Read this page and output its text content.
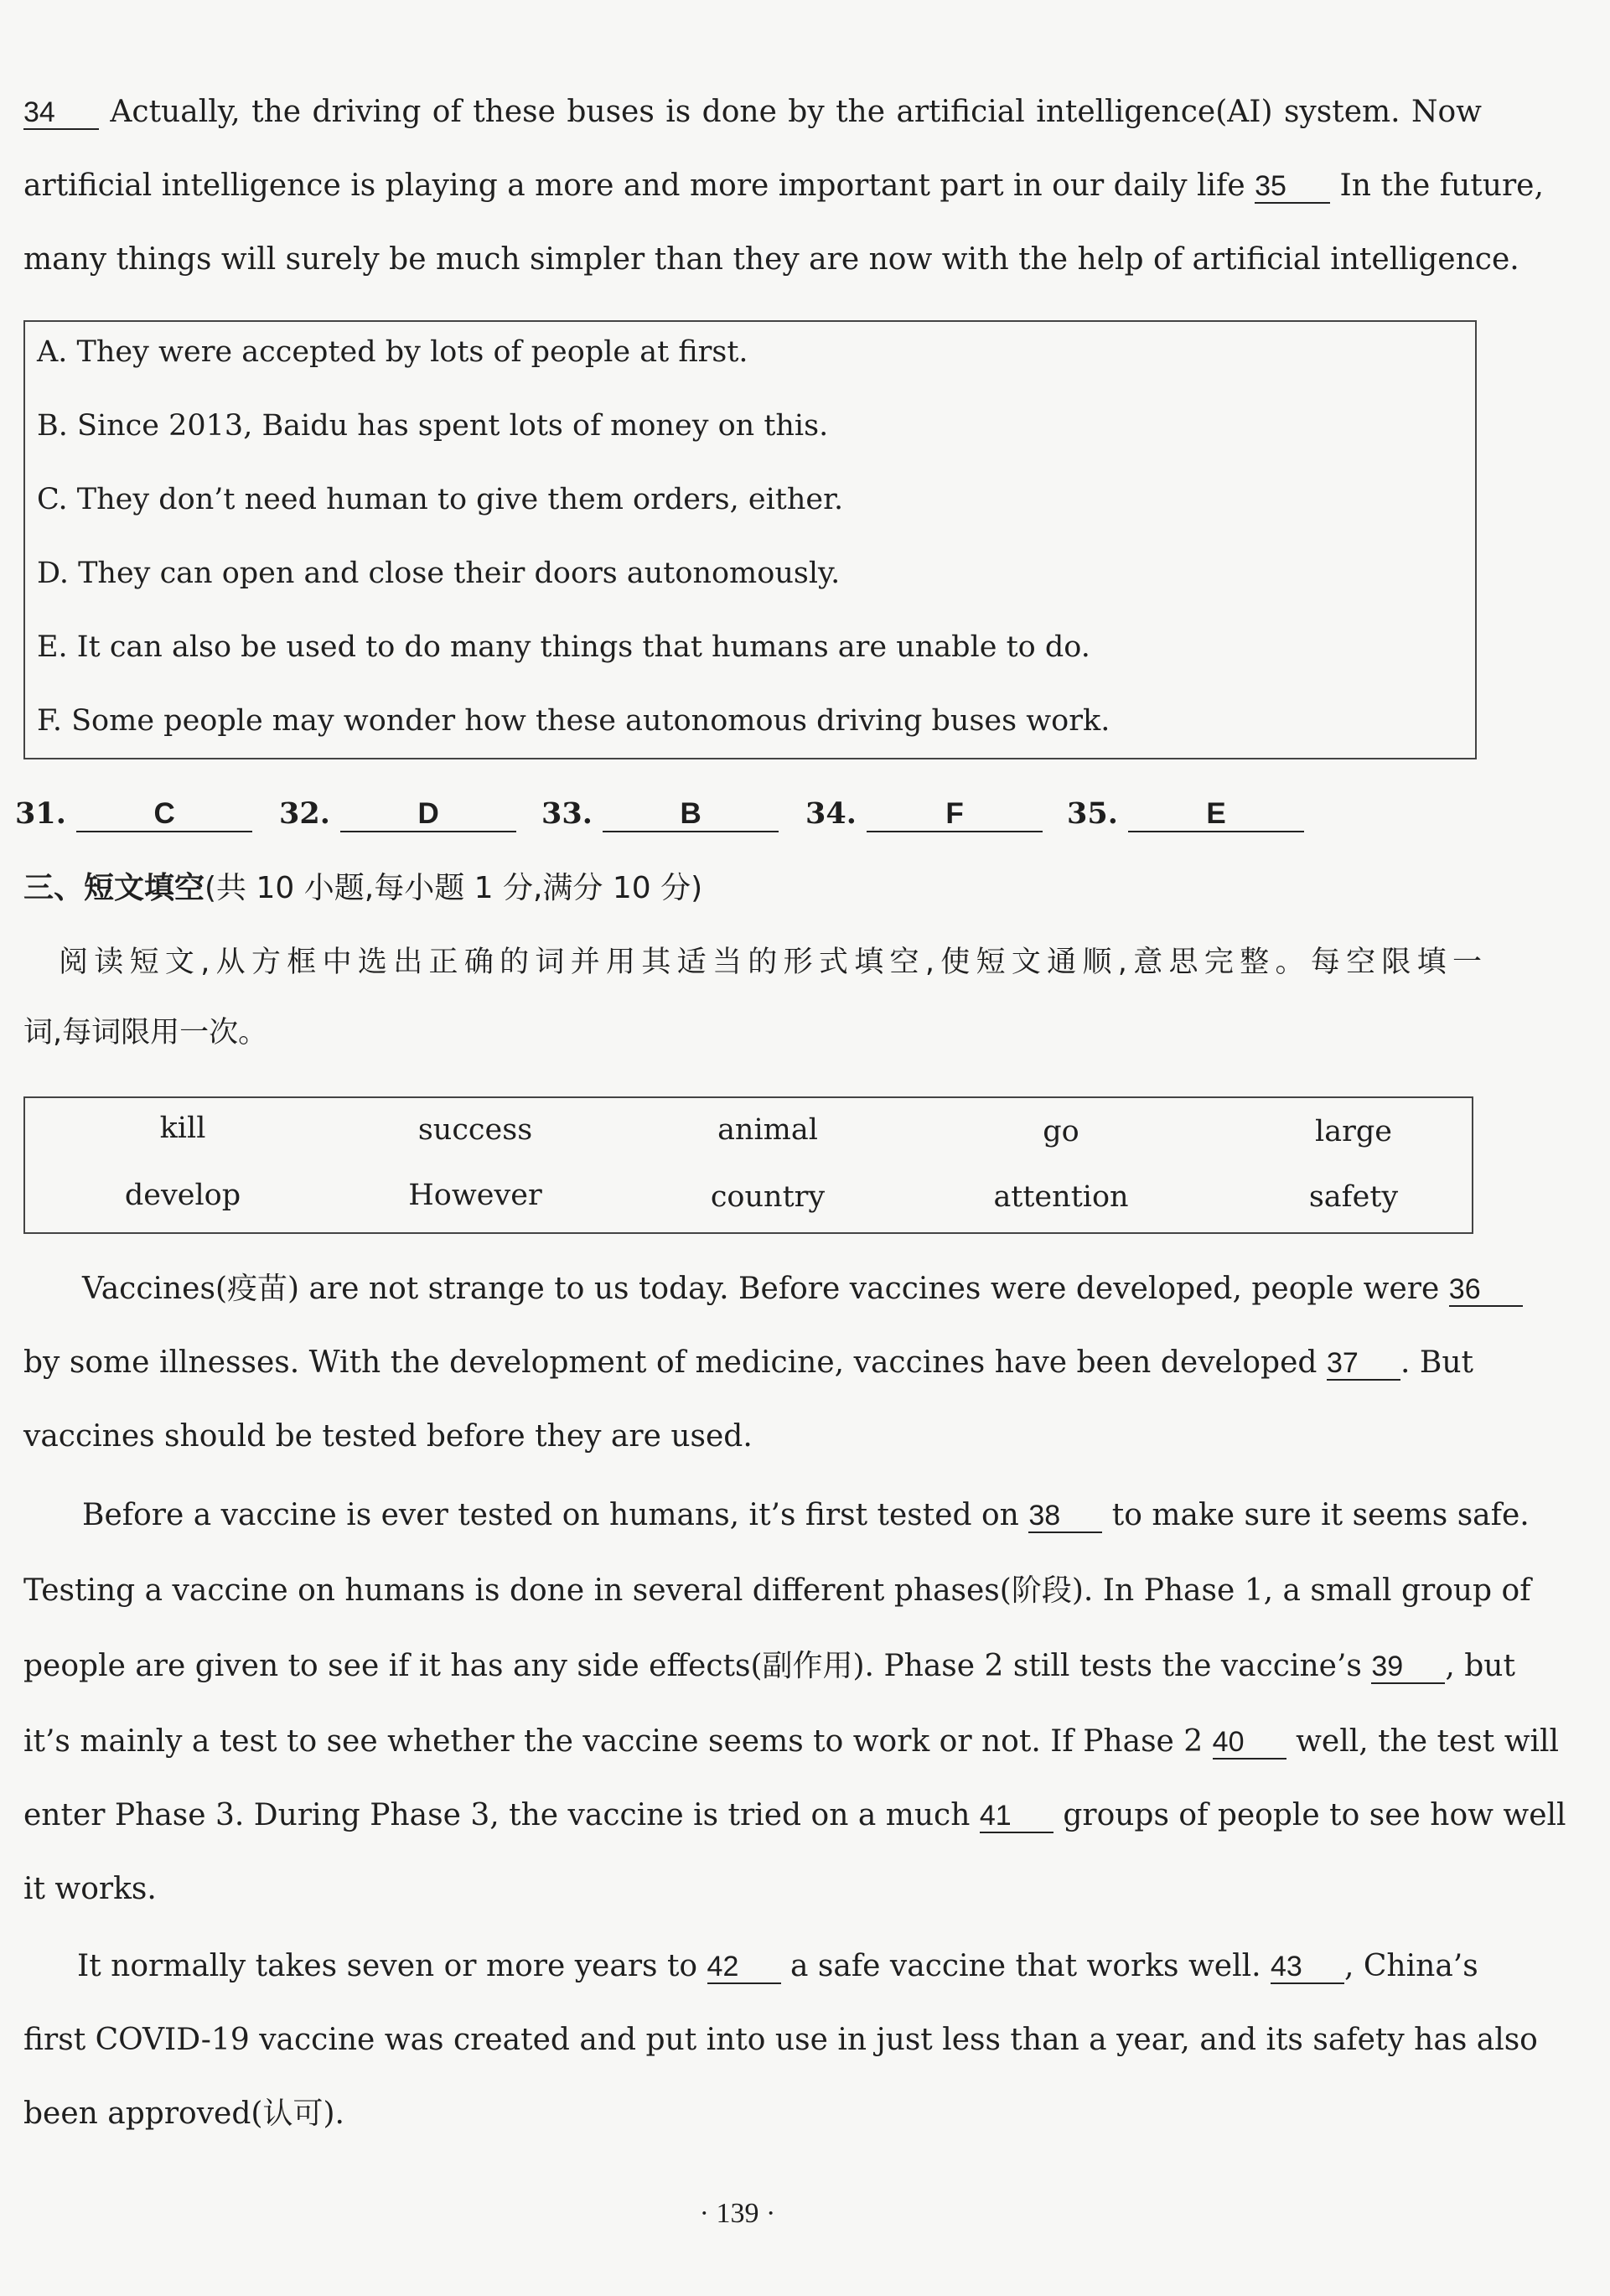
34 Actually, the driving of these buses is done by the artificial intelligence(AI) system. Now
artificial intelligence is playing a more and more important part in our daily life 35 In the future,
many things will surely be much simpler than they are now with the help of artificial intelligence.
A. They were accepted by lots of people at first.
B. Since 2013, Baidu has spent lots of money on this.
C. They don’t need human to give them orders, either.
D. They can open and close their doors autonomously.
E. It can also be used to do many things that humans are unable to do.
F. Some people may wonder how these autonomous driving buses work.
31.	C	32.	D	33.	B	34.	F	35.	E
三、短文填空(共 10 小题,每小题 1 分,满分 10 分)
阅读短文,从方框中选出正确的词并用其适当的形式填空,使短文通顺,意思完整。每空限填一
词,每词限用一次。
kill	success	animal	go	large
develop	However	country	attention	safety
Vaccines(疫苗) are not strange to us today. Before vaccines were developed, people were 36
by some illnesses. With the development of medicine, vaccines have been developed 37 . But
vaccines should be tested before they are used.
Before a vaccine is ever tested on humans, it’s first tested on 38 to make sure it seems safe.
Testing a vaccine on humans is done in several different phases(阶段). In Phase 1, a small group of
people are given to see if it has any side effects(副作用). Phase 2 still tests the vaccine’s 39 , but
it’s mainly a test to see whether the vaccine seems to work or not. If Phase 2 40 well, the test will
enter Phase 3. During Phase 3, the vaccine is tried on a much 41 groups of people to see how well
it works.
It normally takes seven or more years to 42 a safe vaccine that works well. 43 , China’s
first COVID-19 vaccine was created and put into use in just less than a year, and its safety has also
been approved(认可).
· 139 ·
